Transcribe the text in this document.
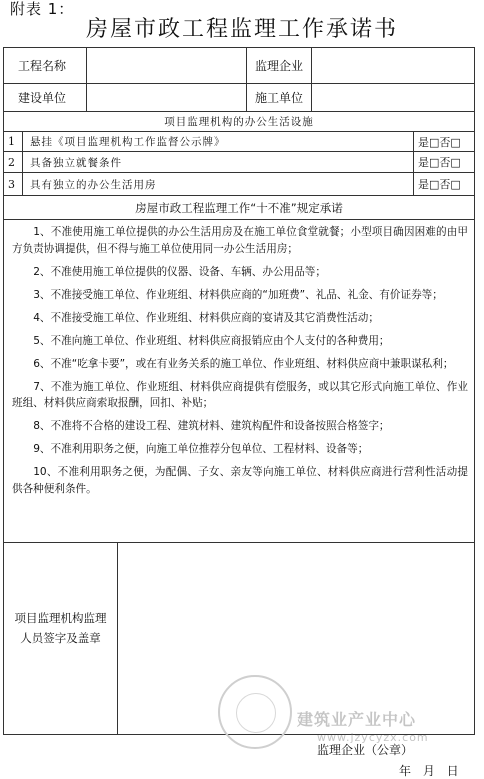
附表 1：
房屋市政工程监理工作承诺书
工程名称	监理企业
建设单位	施工单位
项目监理机构的办公生活设施
1	悬挂《项目监理机构工作监督公示牌》	是□否□
2	具备独立就餐条件	是□否□
3	具有独立的办公生活用房	是□否□
房屋市政工程监理工作“十不准”规定承诺

1、不准使用施工单位提供的办公生活用房及在施工单位食堂就餐；小型项目确因困难的由甲方负责协调提供，但不得与施工单位使用同一办公生活用房；

2、不准使用施工单位提供的仪器、设备、车辆、办公用品等；

3、不准接受施工单位、作业班组、材料供应商的“加班费”、礼品、礼金、有价证券等；

4、不准接受施工单位、作业班组、材料供应商的宴请及其它消费性活动；

5、不准向施工单位、作业班组、材料供应商报销应由个人支付的各种费用；

6、不准“吃拿卡要”，或在有业务关系的施工单位、作业班组、材料供应商中兼职谋私利；

7、不准为施工单位、作业班组、材料供应商提供有偿服务，或以其它形式向施工单位、作业班组、材料供应商索取报酬，回扣、补贴；

8、不准将不合格的建设工程、建筑材料、建筑构配件和设备按照合格签字；

9、不准利用职务之便，向施工单位推荐分包单位、工程材料、设备等；

10、不准利用职务之便，为配偶、子女、亲友等向施工单位、材料供应商进行营利性活动提供各种便利条件。

项目监理机构监理
人员签字及盖章
建筑业产业中心
www.jzycyzx.com
监理企业（公章）
年 月 日
